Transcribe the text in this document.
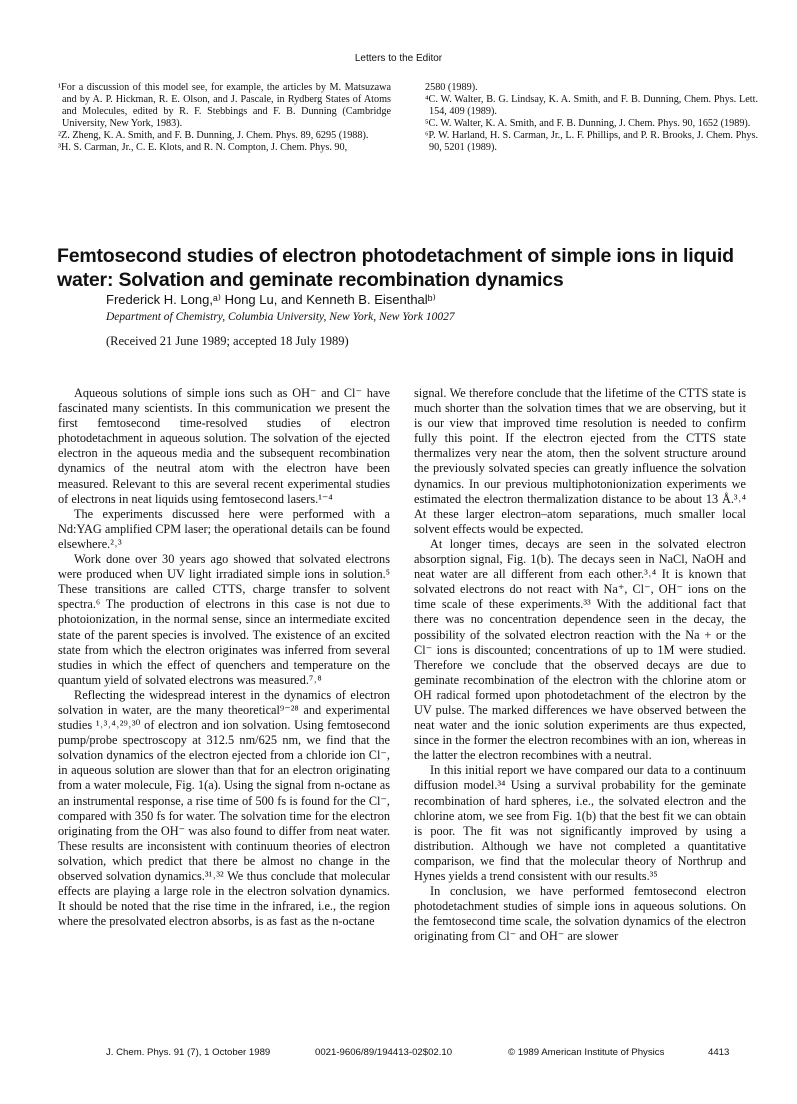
Letters to the Editor
¹For a discussion of this model see, for example, the articles by M. Matsuzawa and by A. P. Hickman, R. E. Olson, and J. Pascale, in Rydberg States of Atoms and Molecules, edited by R. F. Stebbings and F. B. Dunning (Cambridge University, New York, 1983).
²Z. Zheng, K. A. Smith, and F. B. Dunning, J. Chem. Phys. 89, 6295 (1988).
³H. S. Carman, Jr., C. E. Klots, and R. N. Compton, J. Chem. Phys. 90,
2580 (1989).
⁴C. W. Walter, B. G. Lindsay, K. A. Smith, and F. B. Dunning, Chem. Phys. Lett. 154, 409 (1989).
⁵C. W. Walter, K. A. Smith, and F. B. Dunning, J. Chem. Phys. 90, 1652 (1989).
⁶P. W. Harland, H. S. Carman, Jr., L. F. Phillips, and P. R. Brooks, J. Chem. Phys. 90, 5201 (1989).
Femtosecond studies of electron photodetachment of simple ions in liquid water: Solvation and geminate recombination dynamics
Frederick H. Long,ᵃ⁾ Hong Lu, and Kenneth B. Eisenthalᵇ⁾
Department of Chemistry, Columbia University, New York, New York 10027
(Received 21 June 1989; accepted 18 July 1989)

Aqueous solutions of simple ions such as OH⁻ and Cl⁻ have fascinated many scientists. In this communication we present the first femtosecond time-resolved studies of electron photodetachment in aqueous solution. The solvation of the ejected electron in the aqueous media and the subsequent recombination dynamics of the neutral atom with the electron have been measured. Relevant to this are several recent experimental studies of electrons in neat liquids using femtosecond lasers.¹⁻⁴

The experiments discussed here were performed with a Nd:YAG amplified CPM laser; the operational details can be found elsewhere.²˒³

Work done over 30 years ago showed that solvated electrons were produced when UV light irradiated simple ions in solution.⁵ These transitions are called CTTS, charge transfer to solvent spectra.⁶ The production of electrons in this case is not due to photoionization, in the normal sense, since an intermediate excited state of the parent species is involved. The existence of an excited state from which the electron originates was inferred from several studies in which the effect of quenchers and temperature on the quantum yield of solvated electrons was measured.⁷˒⁸

Reflecting the widespread interest in the dynamics of electron solvation in water, are the many theoretical⁹⁻²⁸ and experimental studies ¹˒³˒⁴˒²⁹˒³⁰ of electron and ion solvation. Using femtosecond pump/probe spectroscopy at 312.5 nm/625 nm, we find that the solvation dynamics of the electron ejected from a chloride ion Cl⁻, in aqueous solution are slower than that for an electron originating from a water molecule, Fig. 1(a). Using the signal from n-octane as an instrumental response, a rise time of 500 fs is found for the Cl⁻, compared with 350 fs for water. The solvation time for the electron originating from the OH⁻ was also found to differ from neat water. These results are inconsistent with continuum theories of electron solvation, which predict that there be almost no change in the observed solvation dynamics.³¹˒³² We thus conclude that molecular effects are playing a large role in the electron solvation dynamics. It should be noted that the rise time in the infrared, i.e., the region where the presolvated electron absorbs, is as fast as the n-octane

signal. We therefore conclude that the lifetime of the CTTS state is much shorter than the solvation times that we are observing, but it is our view that improved time resolution is needed to confirm fully this point. If the electron ejected from the CTTS state thermalizes very near the atom, then the solvent structure around the previously solvated species can greatly influence the solvation dynamics. In our previous multiphotonionization experiments we estimated the electron thermalization distance to be about 13 Å.³˒⁴ At these larger electron–atom separations, much smaller local solvent effects would be expected.

At longer times, decays are seen in the solvated electron absorption signal, Fig. 1(b). The decays seen in NaCl, NaOH and neat water are all different from each other.³˒⁴ It is known that solvated electrons do not react with Na⁺, Cl⁻, OH⁻ ions on the time scale of these experiments.³³ With the additional fact that there was no concentration dependence seen in the decay, the possibility of the solvated electron reaction with the Na + or the Cl⁻ ions is discounted; concentrations of up to 1M were studied. Therefore we conclude that the observed decays are due to geminate recombination of the electron with the chlorine atom or OH radical formed upon photodetachment of the electron by the UV pulse. The marked differences we have observed between the neat water and the ionic solution experiments are thus expected, since in the former the electron recombines with an ion, whereas in the latter the electron recombines with a neutral.

In this initial report we have compared our data to a continuum diffusion model.³⁴ Using a survival probability for the geminate recombination of hard spheres, i.e., the solvated electron and the chlorine atom, we see from Fig. 1(b) that the best fit we can obtain is poor. The fit was not significantly improved by using a distribution. Although we have not completed a quantitative comparison, we find that the molecular theory of Northrup and Hynes yields a trend consistent with our results.³⁵

In conclusion, we have performed femtosecond electron photodetachment studies of simple ions in aqueous solutions. On the femtosecond time scale, the solvation dynamics of the electron originating from Cl⁻ and OH⁻ are slower

J. Chem. Phys. 91 (7), 1 October 1989	0021-9606/89/194413-02$02.10	© 1989 American Institute of Physics	4413
